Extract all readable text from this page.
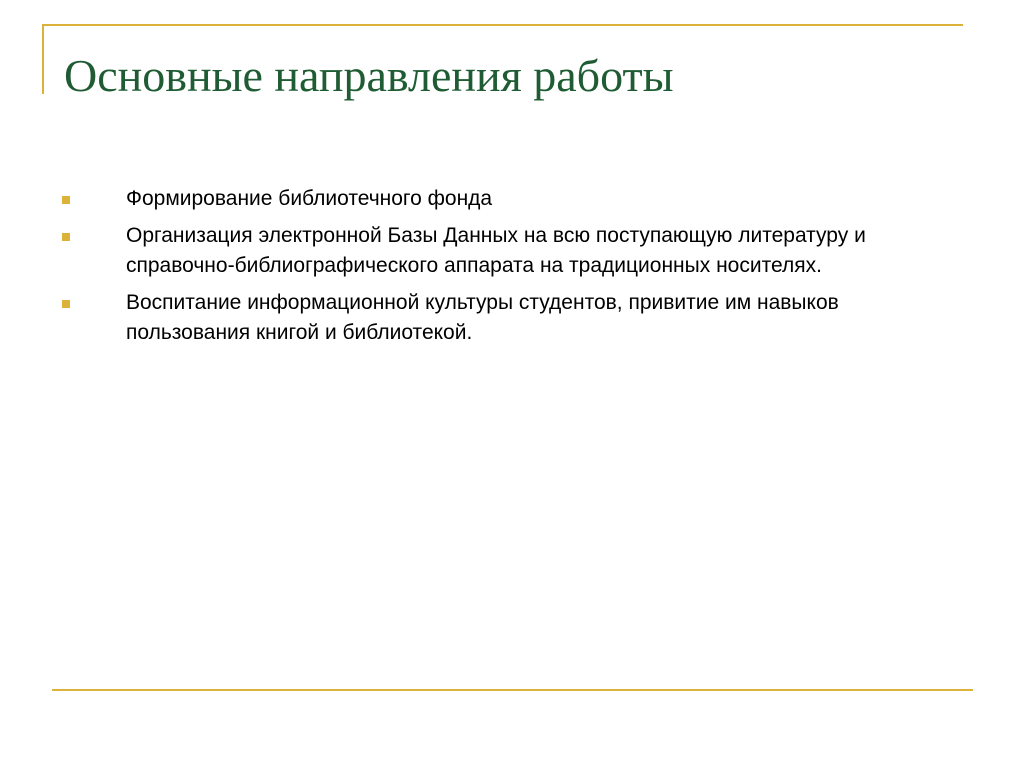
Основные направления работы
Формирование библиотечного фонда
Организация электронной Базы Данных на всю поступающую литературу и справочно-библиографического аппарата на традиционных носителях.
Воспитание информационной культуры студентов, привитие им навыков пользования книгой и библиотекой.
